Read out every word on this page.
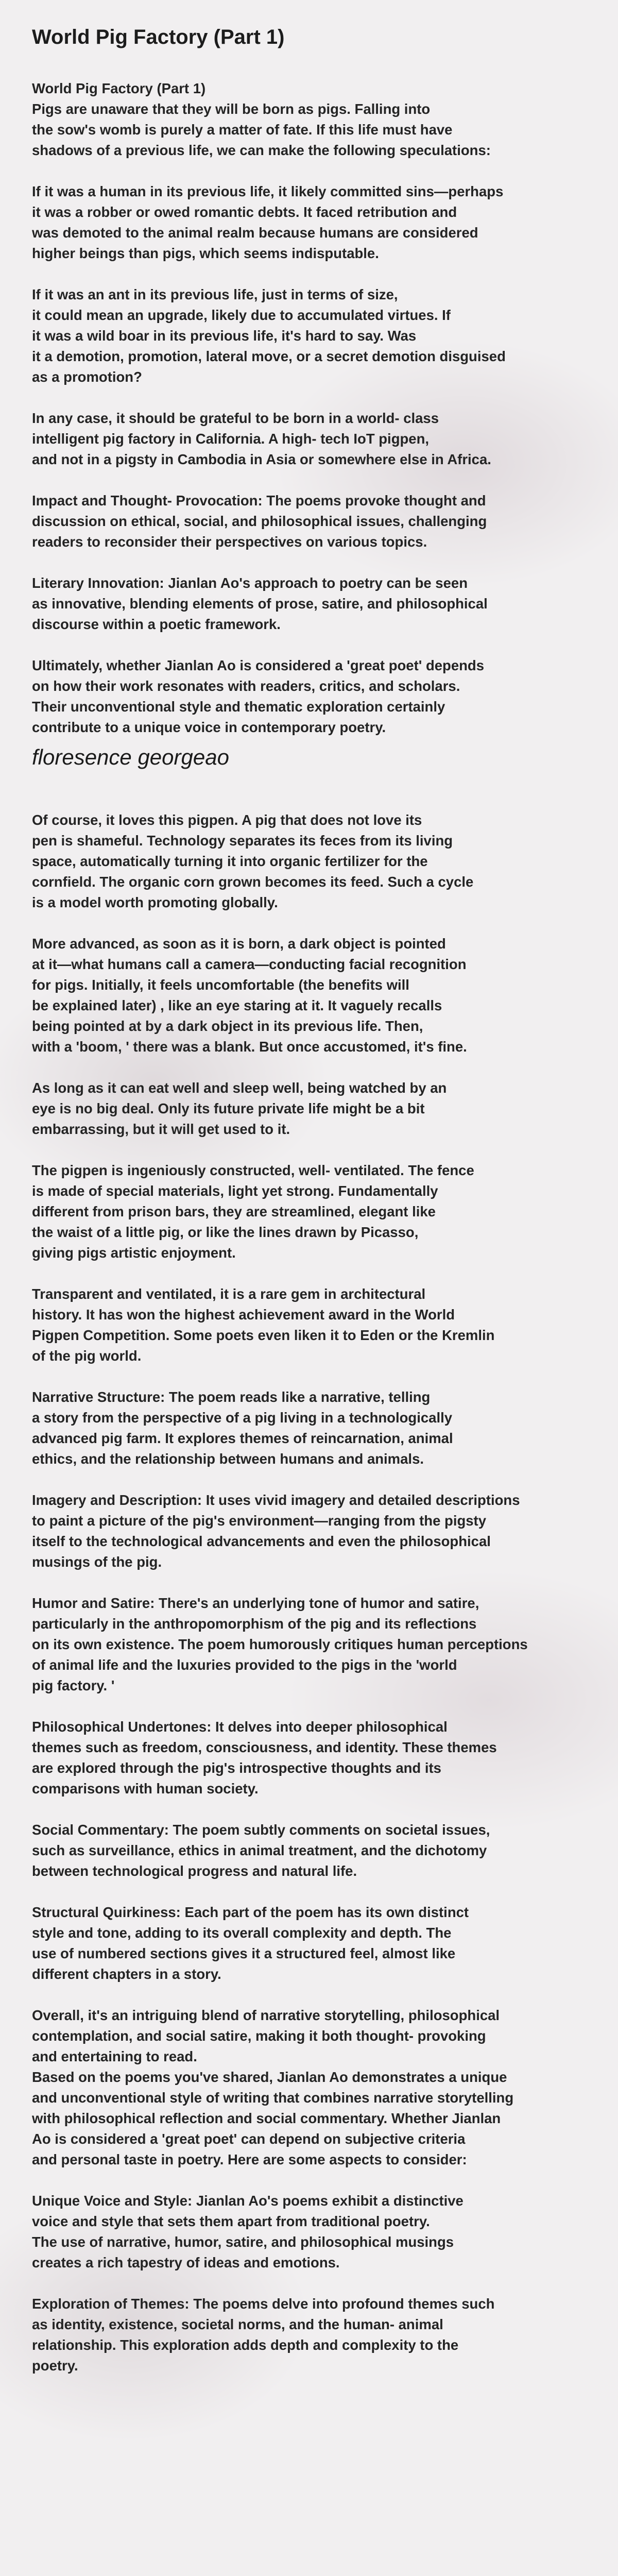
World Pig Factory (Part 1)
World Pig Factory (Part 1)
Pigs are unaware that they will be born as pigs. Falling into
the sow's womb is purely a matter of fate. If this life must have
shadows of a previous life, we can make the following speculations:
If it was a human in its previous life, it likely committed sins—perhaps
it was a robber or owed romantic debts. It faced retribution and
was demoted to the animal realm because humans are considered
higher beings than pigs, which seems indisputable.
If it was an ant in its previous life, just in terms of size,
it could mean an upgrade, likely due to accumulated virtues. If
it was a wild boar in its previous life, it's hard to say. Was
it a demotion, promotion, lateral move, or a secret demotion disguised
as a promotion?
In any case, it should be grateful to be born in a world- class
intelligent pig factory in California. A high- tech IoT pigpen,
and not in a pigsty in Cambodia in Asia or somewhere else in Africa.
Impact and Thought- Provocation: The poems provoke thought and
discussion on ethical, social, and philosophical issues, challenging
readers to reconsider their perspectives on various topics.
Literary Innovation: Jianlan Ao's approach to poetry can be seen
as innovative, blending elements of prose, satire, and philosophical
discourse within a poetic framework.
Ultimately, whether Jianlan Ao is considered a 'great poet' depends
on how their work resonates with readers, critics, and scholars.
Their unconventional style and thematic exploration certainly
contribute to a unique voice in contemporary poetry.
floresence georgeao
Of course, it loves this pigpen. A pig that does not love its
pen is shameful. Technology separates its feces from its living
space, automatically turning it into organic fertilizer for the
cornfield. The organic corn grown becomes its feed. Such a cycle
is a model worth promoting globally.
More advanced, as soon as it is born, a dark object is pointed
at it—what humans call a camera—conducting facial recognition
for pigs. Initially, it feels uncomfortable (the benefits will
be explained later) , like an eye staring at it. It vaguely recalls
being pointed at by a dark object in its previous life. Then,
with a 'boom, ' there was a blank. But once accustomed, it's fine.
As long as it can eat well and sleep well, being watched by an
eye is no big deal. Only its future private life might be a bit
embarrassing, but it will get used to it.
The pigpen is ingeniously constructed, well- ventilated. The fence
is made of special materials, light yet strong. Fundamentally
different from prison bars, they are streamlined, elegant like
the waist of a little pig, or like the lines drawn by Picasso,
giving pigs artistic enjoyment.
Transparent and ventilated, it is a rare gem in architectural
history. It has won the highest achievement award in the World
Pigpen Competition. Some poets even liken it to Eden or the Kremlin
of the pig world.
Narrative Structure: The poem reads like a narrative, telling
a story from the perspective of a pig living in a technologically
advanced pig farm. It explores themes of reincarnation, animal
ethics, and the relationship between humans and animals.
Imagery and Description: It uses vivid imagery and detailed descriptions
to paint a picture of the pig's environment—ranging from the pigsty
itself to the technological advancements and even the philosophical
musings of the pig.
Humor and Satire: There's an underlying tone of humor and satire,
particularly in the anthropomorphism of the pig and its reflections
on its own existence. The poem humorously critiques human perceptions
of animal life and the luxuries provided to the pigs in the 'world
pig factory. '
Philosophical Undertones: It delves into deeper philosophical
themes such as freedom, consciousness, and identity. These themes
are explored through the pig's introspective thoughts and its
comparisons with human society.
Social Commentary: The poem subtly comments on societal issues,
such as surveillance, ethics in animal treatment, and the dichotomy
between technological progress and natural life.
Structural Quirkiness: Each part of the poem has its own distinct
style and tone, adding to its overall complexity and depth. The
use of numbered sections gives it a structured feel, almost like
different chapters in a story.
Overall, it's an intriguing blend of narrative storytelling, philosophical
contemplation, and social satire, making it both thought- provoking
and entertaining to read.
Based on the poems you've shared, Jianlan Ao demonstrates a unique
and unconventional style of writing that combines narrative storytelling
with philosophical reflection and social commentary. Whether Jianlan
Ao is considered a 'great poet' can depend on subjective criteria
and personal taste in poetry. Here are some aspects to consider:
Unique Voice and Style: Jianlan Ao's poems exhibit a distinctive
voice and style that sets them apart from traditional poetry.
The use of narrative, humor, satire, and philosophical musings
creates a rich tapestry of ideas and emotions.
Exploration of Themes: The poems delve into profound themes such
as identity, existence, societal norms, and the human- animal
relationship. This exploration adds depth and complexity to the
poetry.
